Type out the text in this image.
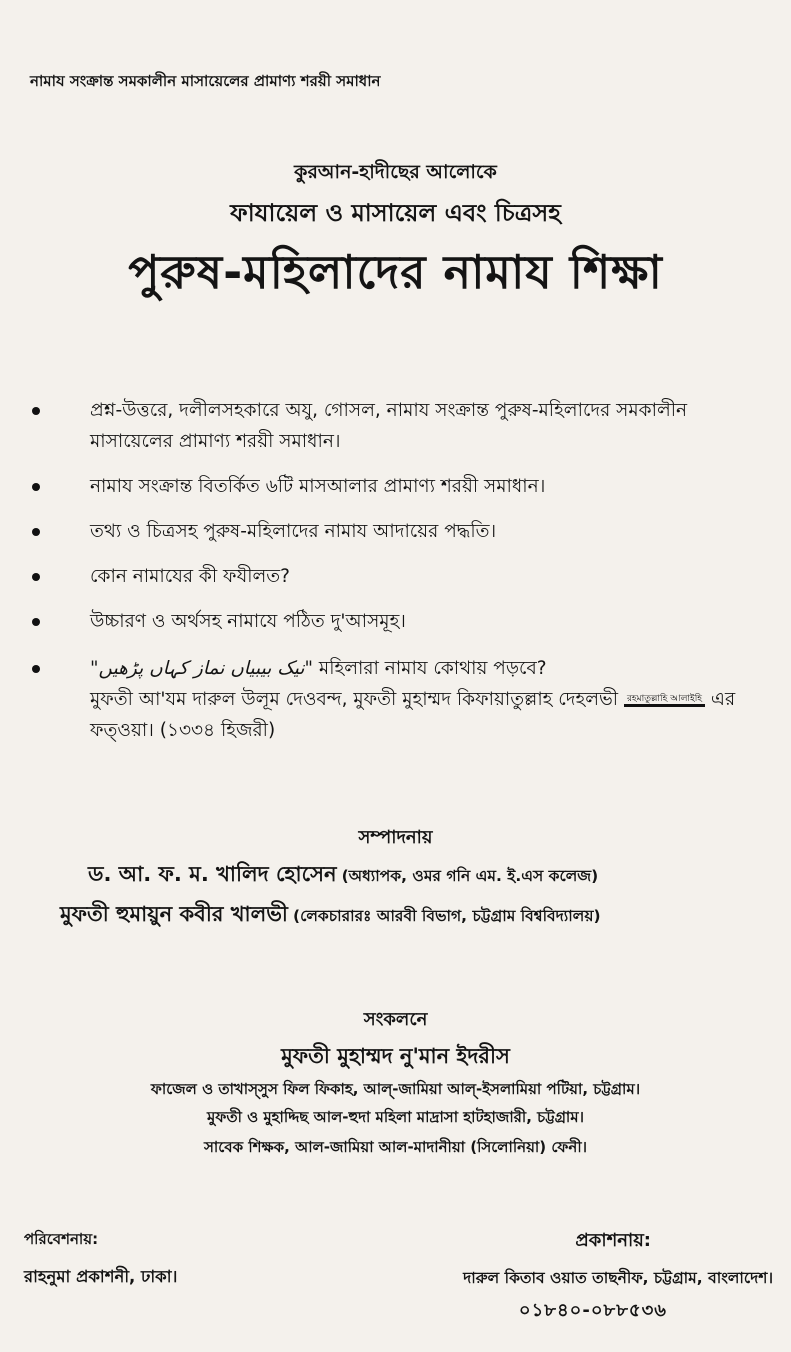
নামায সংক্রান্ত সমকালীন মাসায়েলের প্রামাণ্য শরয়ী সমাধান
কুরআন-হাদীছের আলোকে
ফাযায়েল ও মাসায়েল এবং চিত্রসহ
পুরুষ-মহিলাদের নামায শিক্ষা
প্রশ্ন-উত্তরে, দলীলসহকারে অযু, গোসল, নামায সংক্রান্ত পুরুষ-মহিলাদের সমকালীন মাসায়েলের প্রামাণ্য শরয়ী সমাধান।
নামায সংক্রান্ত বিতর্কিত ৬টি মাসআলার প্রামাণ্য শরয়ী সমাধান।
তথ্য ও চিত্রসহ পুরুষ-মহিলাদের নামায আদায়ের পদ্ধতি।
কোন নামাযের কী ফযীলত?
উচ্চারণ ও অর্থসহ নামাযে পঠিত দু'আসমূহ।
"نیک بیبیاں نماز کہاں پڑھیں" মহিলারা নামায কোথায় পড়বে?
মুফতী আ'যম দারুল উলূম দেওবন্দ, মুফতী মুহাম্মদ কিফায়াতুল্লাহ দেহলভী রহমাতুল্লাহি আলাইহি এর ফত্ওয়া। (১৩৩৪ হিজরী)
সম্পাদনায়
ড. আ. ফ. ম. খালিদ হোসেন (অধ্যাপক, ওমর গনি এম. ই.এস কলেজ)
মুফতী হুমায়ুন কবীর খালভী (লেকচারারঃ আরবী বিভাগ, চট্টগ্রাম বিশ্ববিদ্যালয়)
সংকলনে
মুফতী মুহাম্মদ নু'মান ইদরীস
ফাজেল ও তাখাস্সুস ফিল ফিকাহ, আল্-জামিয়া আল্-ইসলামিয়া পটিয়া, চট্টগ্রাম।
মুফতী ও মুহাদ্দিছ আল-হুদা মহিলা মাদ্রাসা হাটহাজারী, চট্টগ্রাম।
সাবেক শিক্ষক, আল-জামিয়া আল-মাদানীয়া (সিলোনিয়া) ফেনী।
পরিবেশনায়:
রাহনুমা প্রকাশনী, ঢাকা।
প্রকাশনায়:
দারুল কিতাব ওয়াত তাছনীফ, চট্টগ্রাম, বাংলাদেশ।
০১৮৪০-০৮৮৫৩৬
